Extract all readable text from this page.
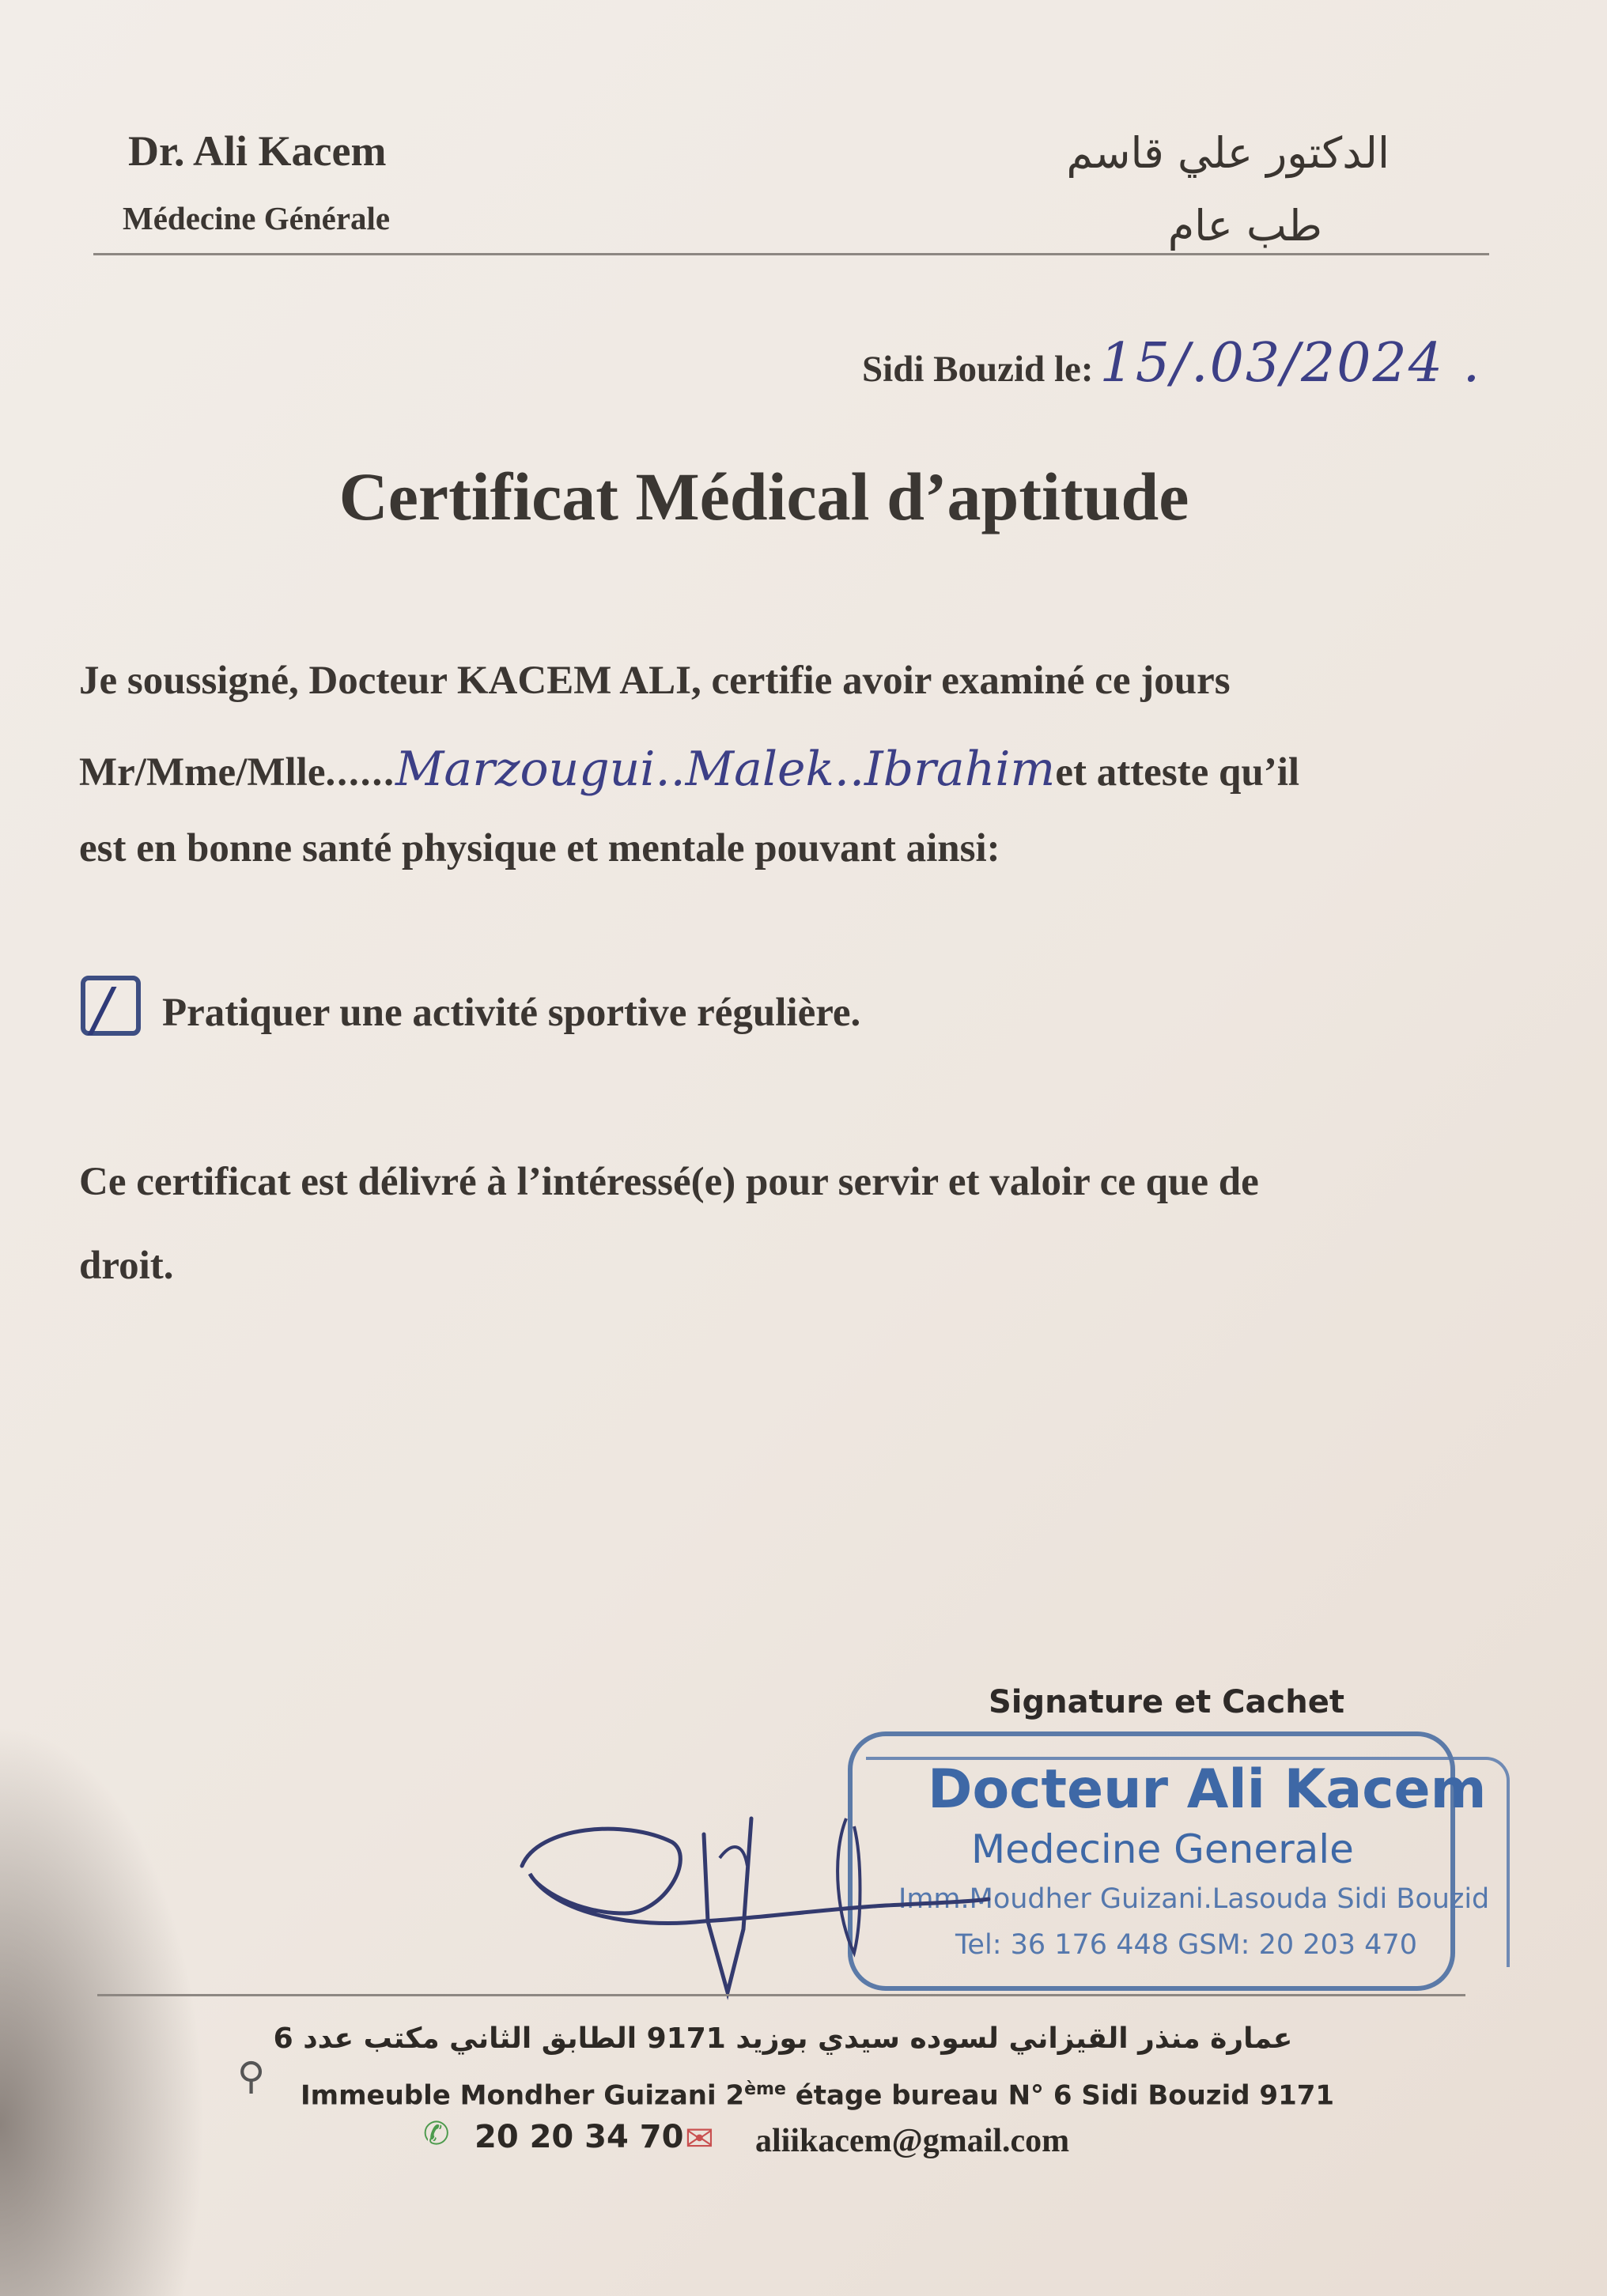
Dr. Ali Kacem
Médecine Générale
الدكتور علي قاسم
طب عام
Sidi Bouzid le: 15/.03/2024 .
Certificat Médical d’aptitude
Je soussigné, Docteur KACEM ALI, certifie avoir examiné ce jours
Mr/Mme/Mlle......Marzougui..Malek..Ibrahimet atteste qu’il
est en bonne santé physique et mentale pouvant ainsi:
/ Pratiquer une activité sportive régulière.
Ce certificat est délivré à l’intéressé(e) pour servir et valoir ce que de
droit.
Signature et Cachet
Docteur Ali Kacem
Medecine Generale
Imm.Moudher Guizani.Lasouda Sidi Bouzid
Tel: 36 176 448 GSM: 20 203 470
عمارة منذر القيزاني لسوده سيدي بوزيد 9171 الطابق الثاني مكتب عدد 6
⚲ Immeuble Mondher Guizani 2ème étage bureau N° 6 Sidi Bouzid 9171
✆ 20 20 34 70 ✉ aliikacem@gmail.com
